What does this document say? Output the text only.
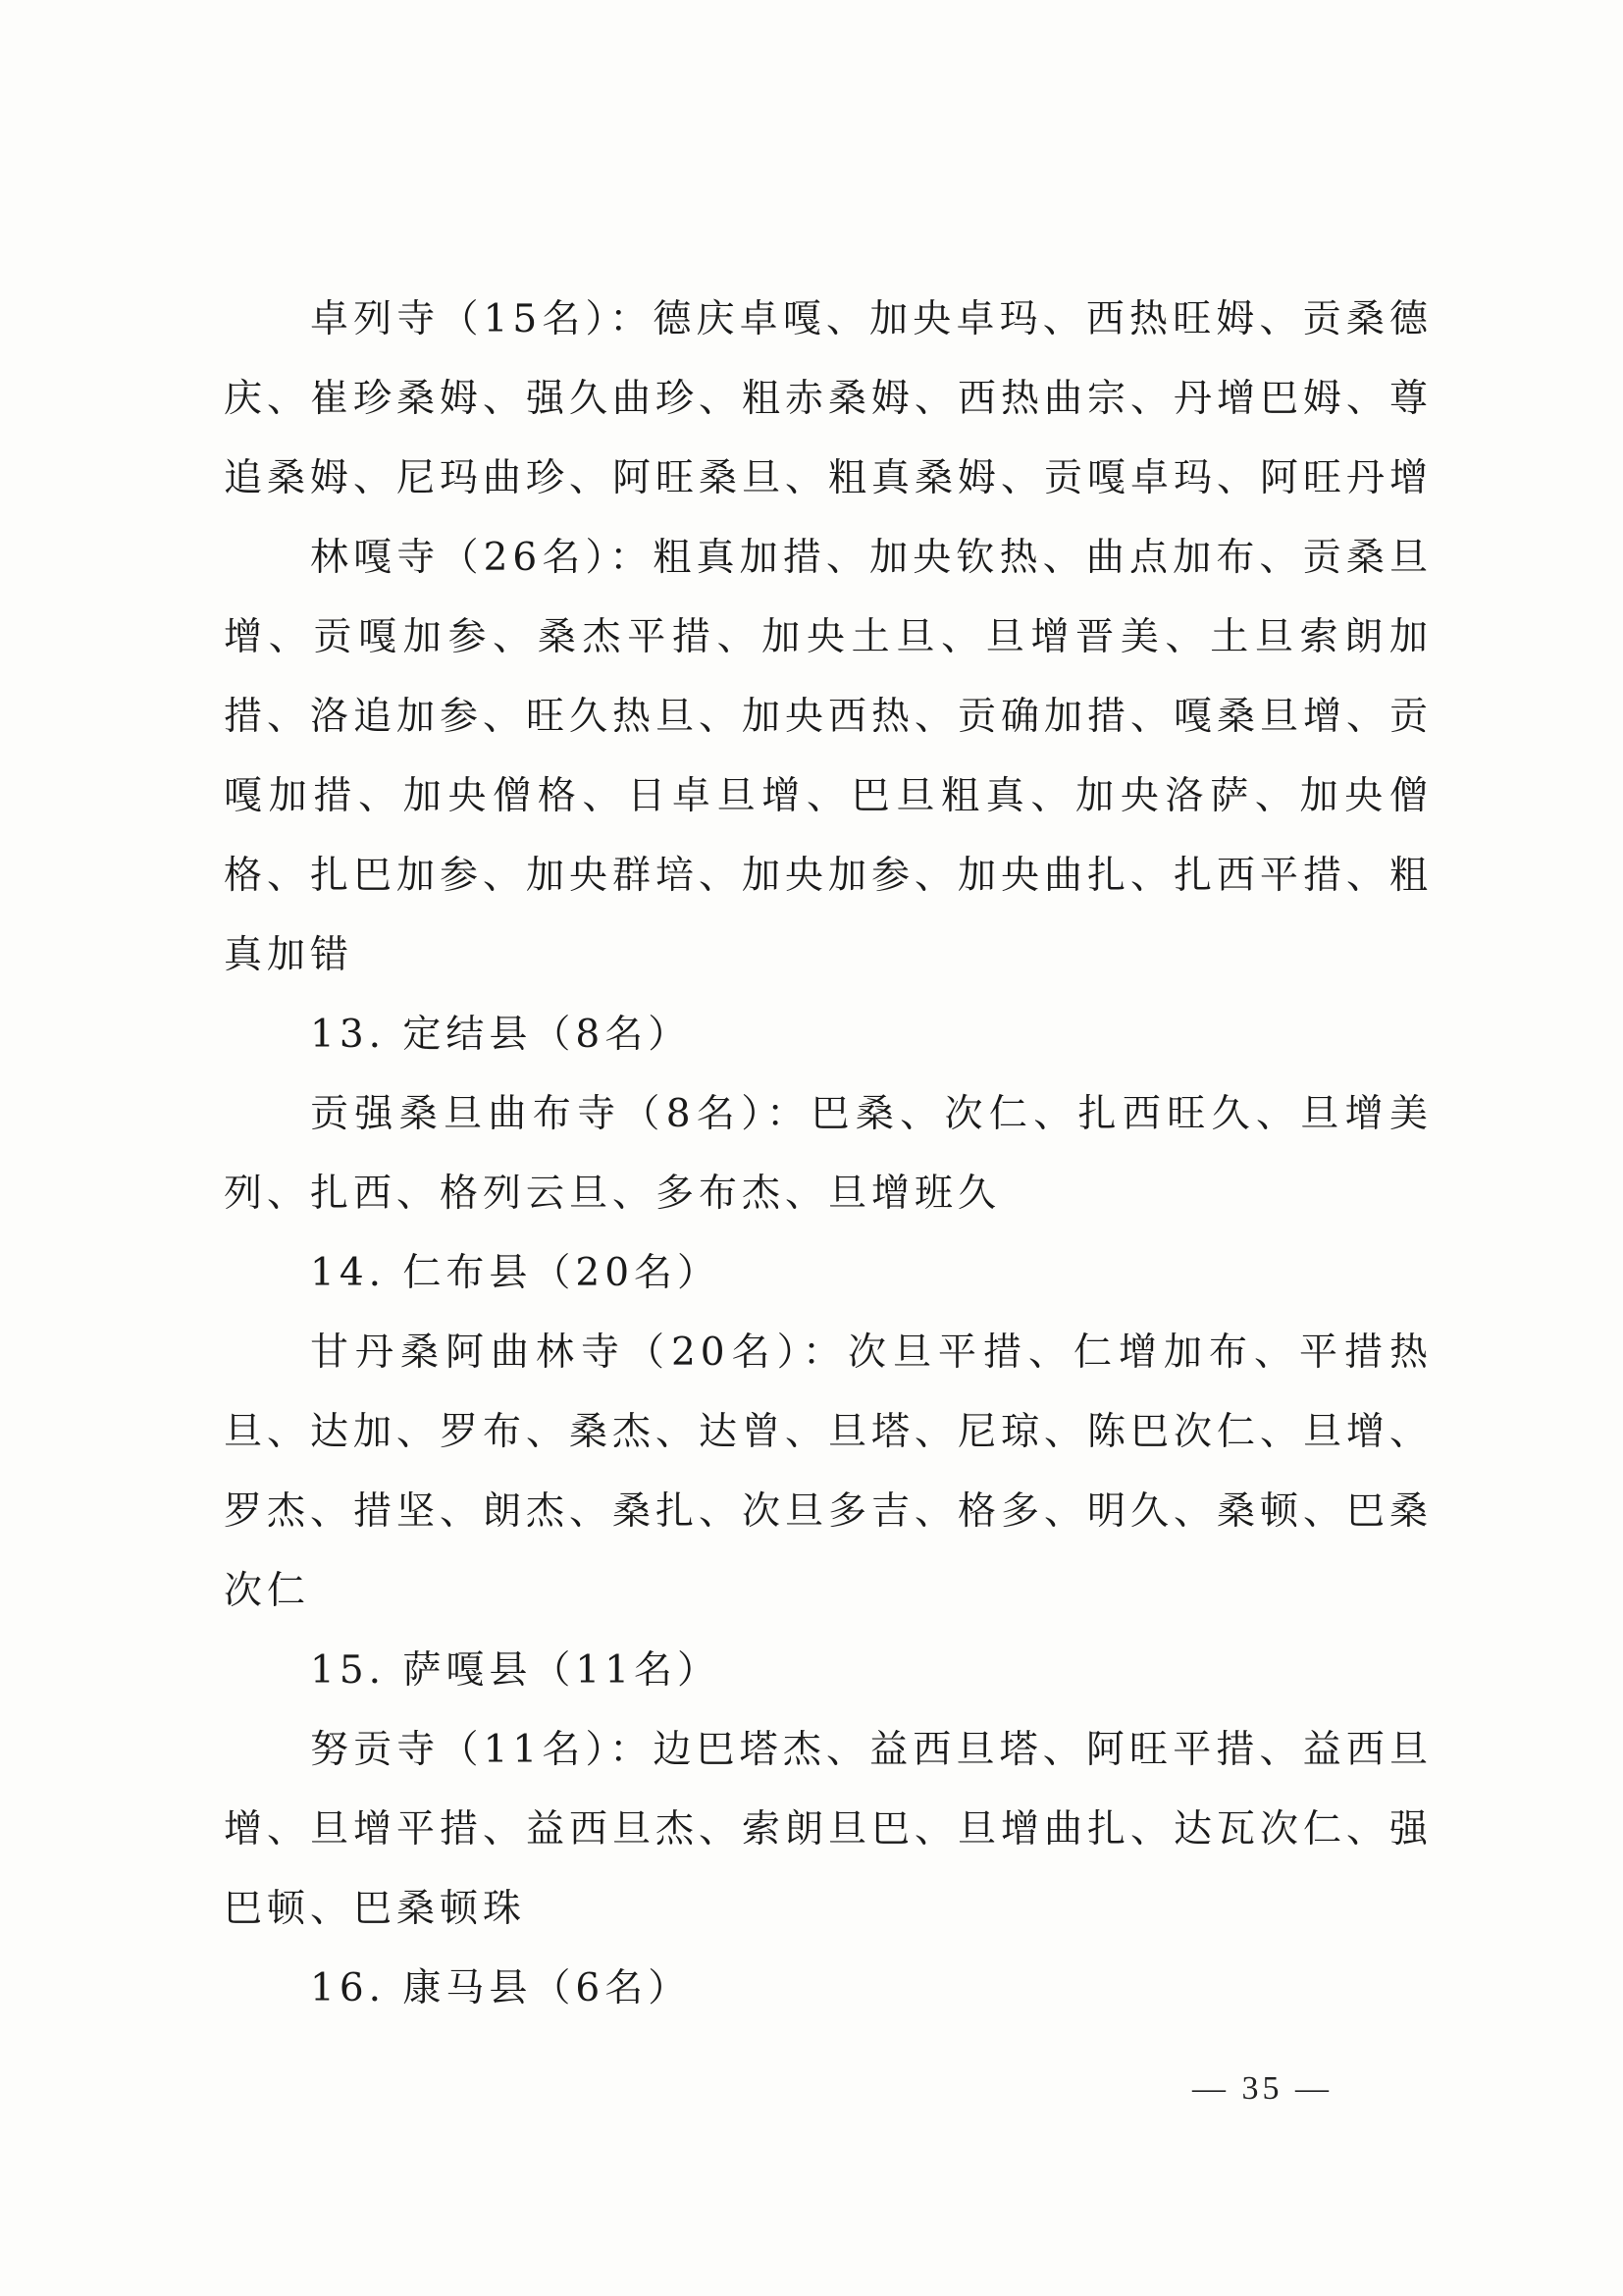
卓列寺（15名）：德庆卓嘎、加央卓玛、西热旺姆、贡桑德庆、崔珍桑姆、强久曲珍、粗赤桑姆、西热曲宗、丹增巴姆、尊追桑姆、尼玛曲珍、阿旺桑旦、粗真桑姆、贡嘎卓玛、阿旺丹增

林嘎寺（26名）：粗真加措、加央钦热、曲点加布、贡桑旦增、贡嘎加参、桑杰平措、加央土旦、旦增晋美、土旦索朗加措、洛追加参、旺久热旦、加央西热、贡确加措、嘎桑旦增、贡嘎加措、加央僧格、日卓旦增、巴旦粗真、加央洛萨、加央僧格、扎巴加参、加央群培、加央加参、加央曲扎、扎西平措、粗真加错

13. 定结县（8名）

贡强桑旦曲布寺（8名）：巴桑、次仁、扎西旺久、旦增美列、扎西、格列云旦、多布杰、旦增班久

14. 仁布县（20名）

甘丹桑阿曲林寺（20名）：次旦平措、仁增加布、平措热旦、达加、罗布、桑杰、达曾、旦塔、尼琼、陈巴次仁、旦增、罗杰、措坚、朗杰、桑扎、次旦多吉、格多、明久、桑顿、巴桑次仁

15. 萨嘎县（11名）

努贡寺（11名）：边巴塔杰、益西旦塔、阿旺平措、益西旦增、旦增平措、益西旦杰、索朗旦巴、旦增曲扎、达瓦次仁、强巴顿、巴桑顿珠

16. 康马县（6名）

— 35 —
